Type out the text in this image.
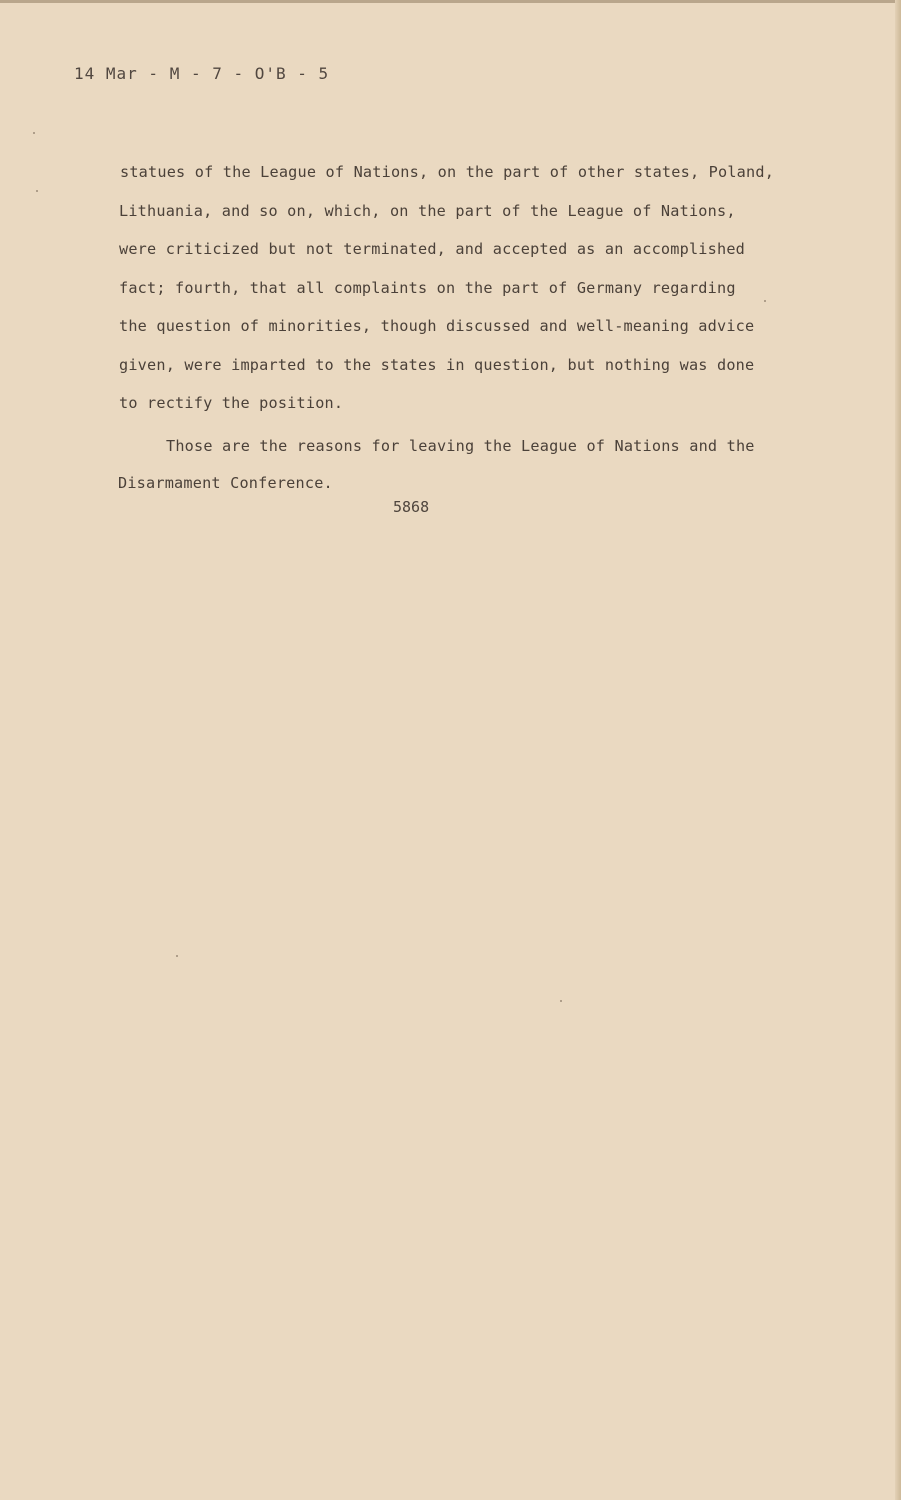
14 Mar - M - 7 - O'B - 5
statues of the League of Nations, on the part of other states, Poland,
Lithuania, and so on, which, on the part of the League of Nations,
were criticized but not terminated, and accepted as an accomplished
fact; fourth, that all complaints on the part of Germany regarding
the question of minorities, though discussed and well-meaning advice
given, were imparted to the states in question, but nothing was done
to rectify the position.
Those are the reasons for leaving the League of Nations and the
Disarmament Conference.
5868
